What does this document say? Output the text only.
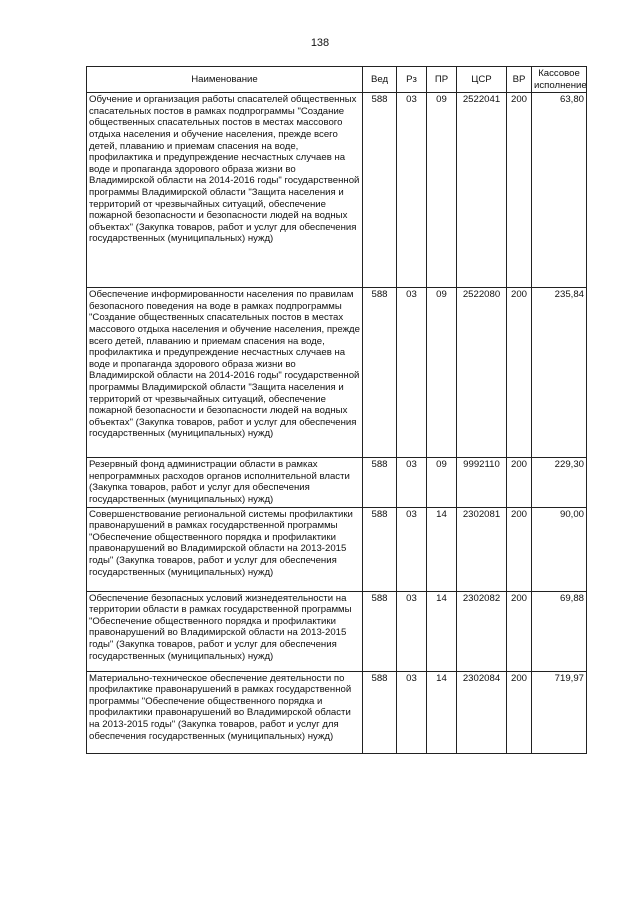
138
Наименование	Вед	Рз	ПР	ЦСР	ВР	Кассовое исполнение
Обучение и организация работы спасателей общественных спасательных постов в рамках подпрограммы "Создание общественных спасательных постов в местах массового отдыха населения и обучение населения, прежде всего детей, плаванию и приемам спасения на воде, профилактика и предупреждение несчастных случаев на воде и пропаганда здорового образа жизни во Владимирской области на 2014-2016 годы" государственной программы Владимирской области "Защита населения и территорий от чрезвычайных ситуаций, обеспечение пожарной безопасности и безопасности людей на водных объектах" (Закупка товаров, работ и услуг для обеспечения государственных (муниципальных) нужд)	588	03	09	2522041	200	63,80
Обеспечение информированности населения по правилам безопасного поведения на воде в рамках подпрограммы "Создание общественных спасательных постов в местах массового отдыха населения и обучение населения, прежде всего детей, плаванию и приемам спасения на воде, профилактика и предупреждение несчастных случаев на воде и пропаганда здорового образа жизни во Владимирской области на 2014-2016 годы" государственной программы Владимирской области "Защита населения и территорий от чрезвычайных ситуаций, обеспечение пожарной безопасности и безопасности людей на водных объектах" (Закупка товаров, работ и услуг для обеспечения государственных (муниципальных) нужд)	588	03	09	2522080	200	235,84
Резервный фонд администрации области в рамках непрограммных расходов органов исполнительной власти (Закупка товаров, работ и услуг для обеспечения государственных (муниципальных) нужд)	588	03	09	9992110	200	229,30
Совершенствование региональной системы профилактики правонарушений в рамках государственной программы "Обеспечение общественного порядка и профилактики правонарушений во Владимирской области на 2013-2015 годы" (Закупка товаров, работ и услуг для обеспечения государственных (муниципальных) нужд)	588	03	14	2302081	200	90,00
Обеспечение безопасных условий жизнедеятельности на территории области в рамках государственной программы "Обеспечение общественного порядка и профилактики правонарушений во Владимирской области на 2013-2015 годы" (Закупка товаров, работ и услуг для обеспечения государственных (муниципальных) нужд)	588	03	14	2302082	200	69,88
Материально-техническое обеспечение деятельности по профилактике правонарушений в рамках государственной программы "Обеспечение общественного порядка и профилактики правонарушений во Владимирской области на 2013-2015 годы" (Закупка товаров, работ и услуг для обеспечения государственных (муниципальных) нужд)	588	03	14	2302084	200	719,97
